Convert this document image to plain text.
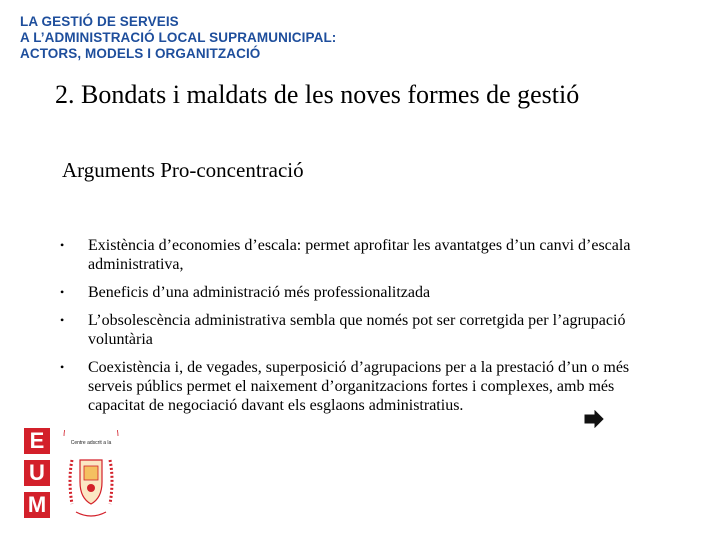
LA GESTIÓ DE SERVEIS
A L’ADMINISTRACIÓ LOCAL SUPRAMUNICIPAL:
ACTORS, MODELS I ORGANITZACIÓ
2. Bondats i maldats de les noves formes de gestió
Arguments Pro-concentració
• Existència d’economies d’escala: permet aprofitar les avantatges d’un canvi d’escala administrativa,
• Beneficis d’una administració més professionalitzada
• L’obsolescència administrativa sembla que només pot ser corretgida per l’agrupació voluntària
• Coexistència i, de vegades, superposició d’agrupacions per a la prestació d’un o més serveis públics permet el naixement d’organitzacions fortes i complexes, amb més capacitat de negociació davant els esglaons administratius.
E
U
M
Centre adscrit a la
